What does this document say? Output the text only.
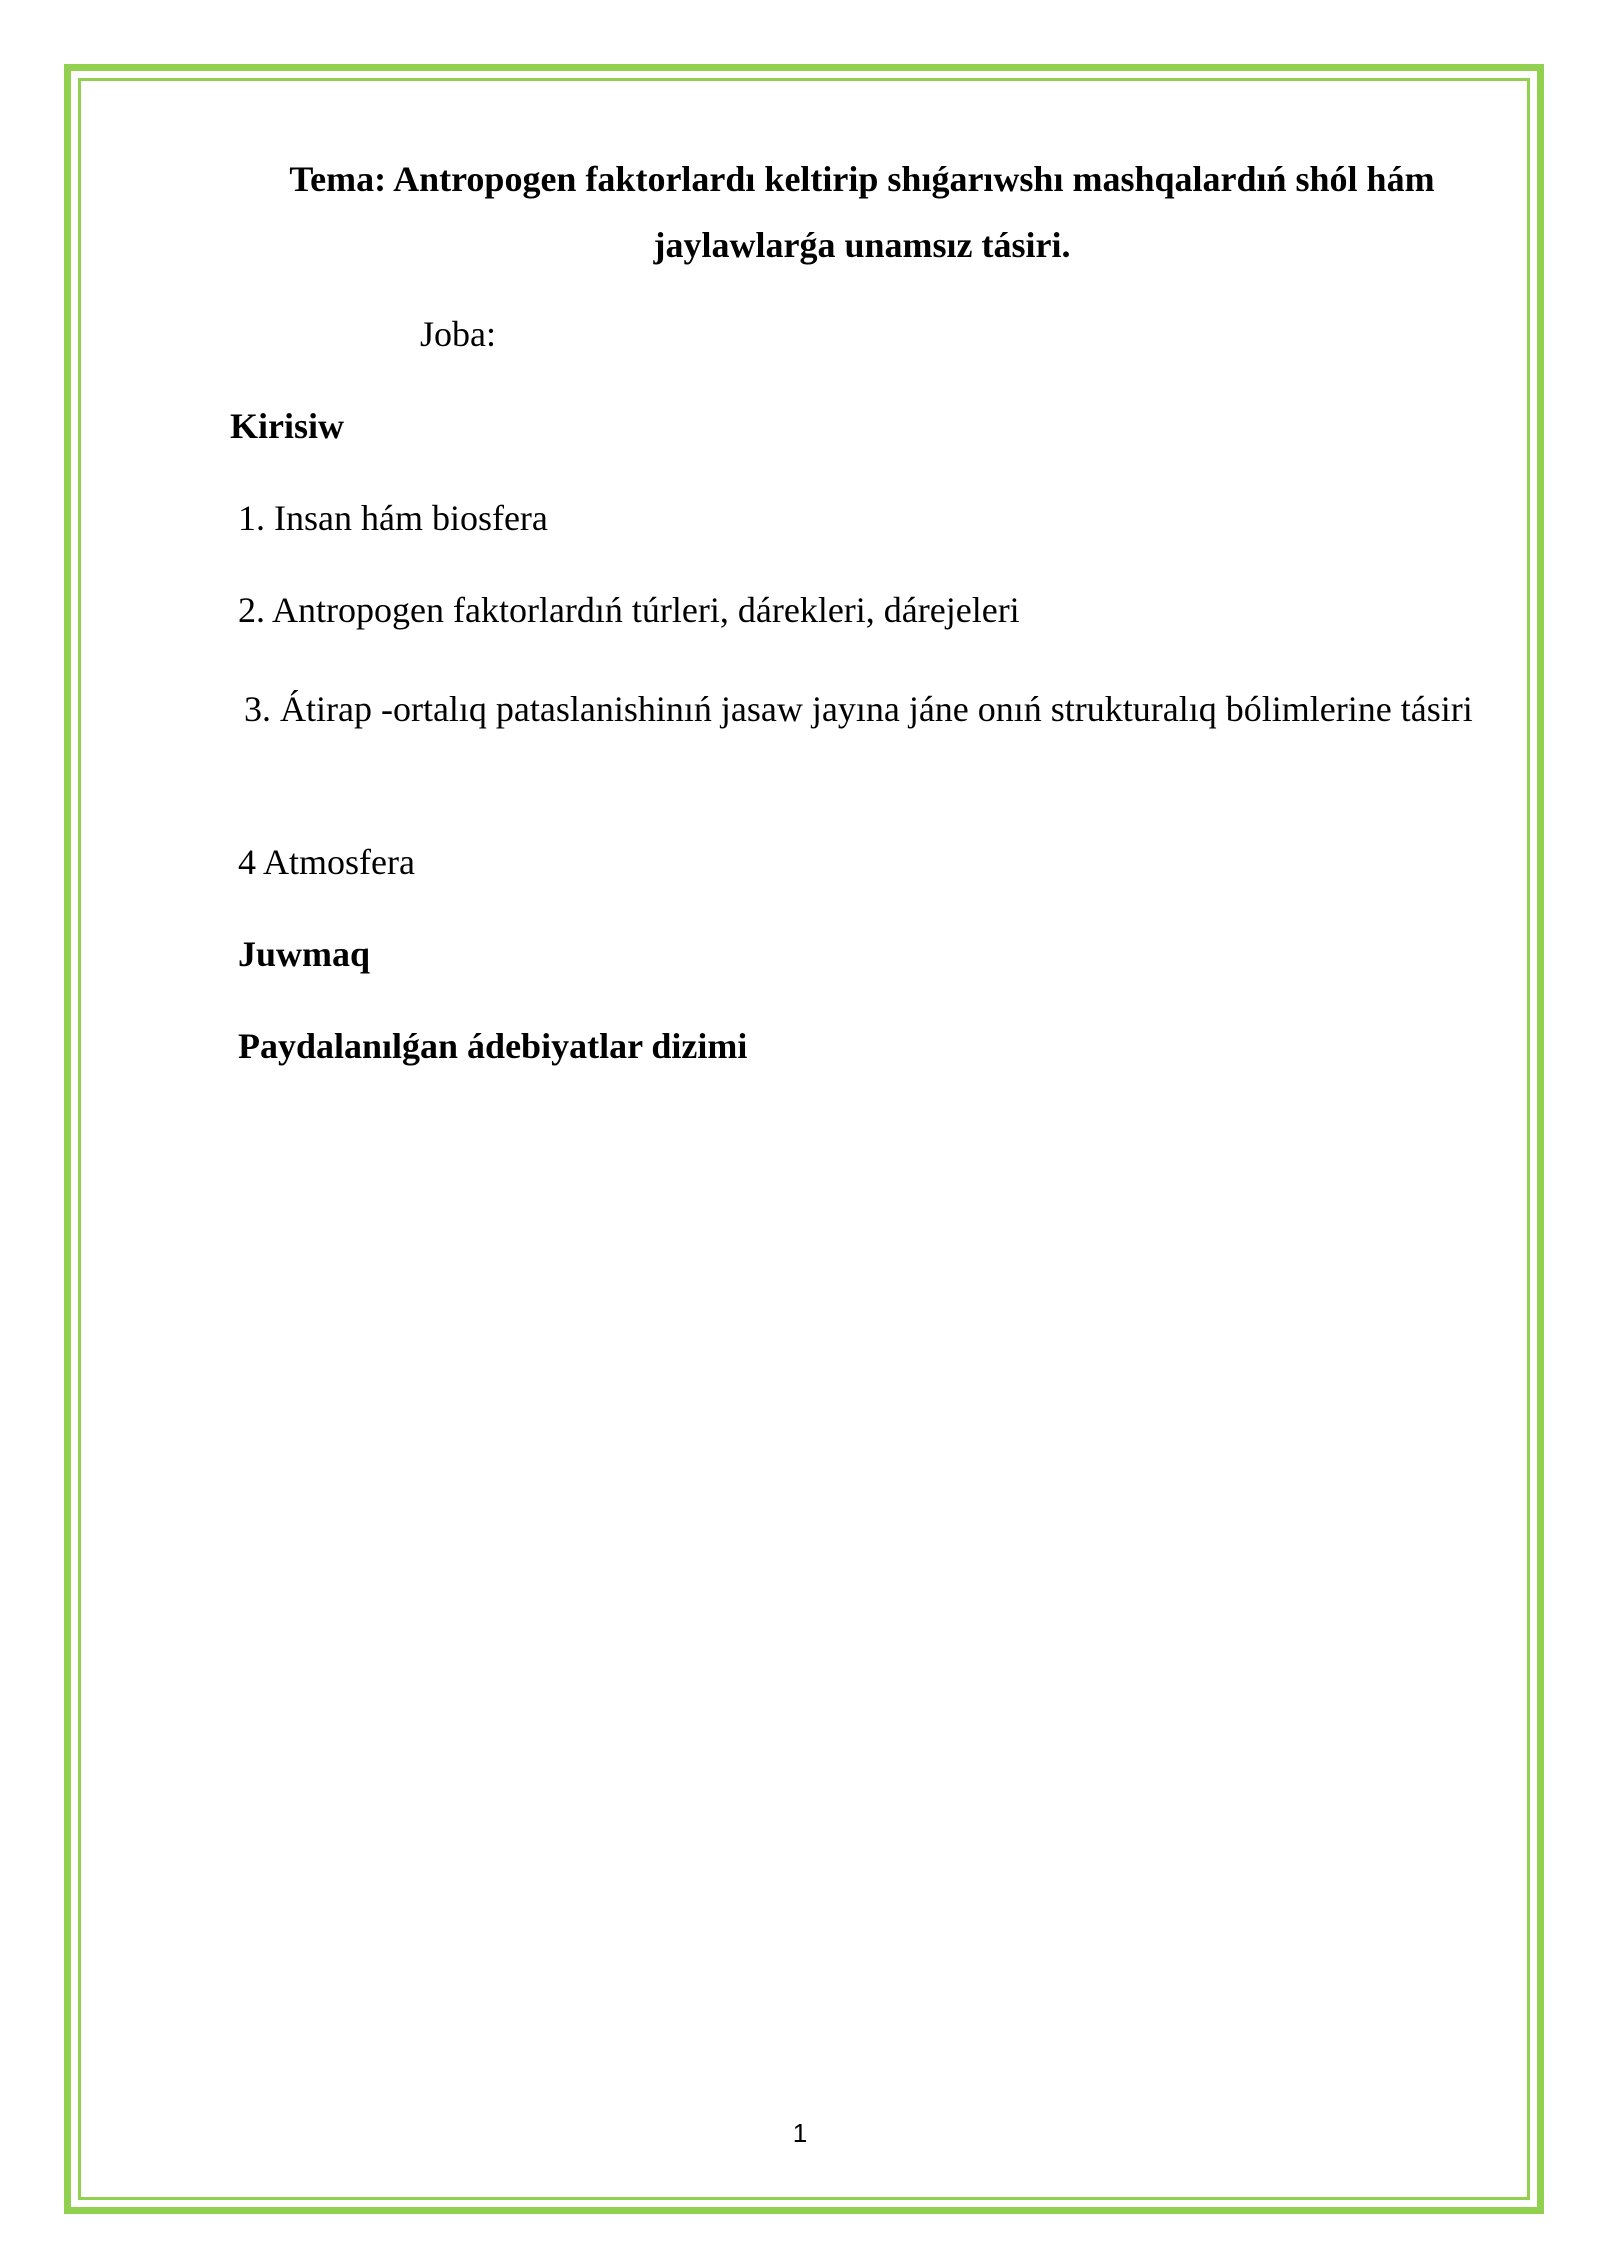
Tema: Antropogen faktorlardı keltirip shıǵarıwshı mashqalardıń shól hám jaylawlarǵa unamsız tásiri.
Joba:
Kirisiw
1. Insan hám biosfera
2. Antropogen faktorlardıń túrleri, dárekleri, dárejeleri
3. Átirap -ortalıq pataslanishinıń jasaw jayına jáne onıń strukturalıq bólimlerine tásiri
4 Atmosfera
Juwmaq
Paydalanılǵan ádebiyatlar dizimi
1
